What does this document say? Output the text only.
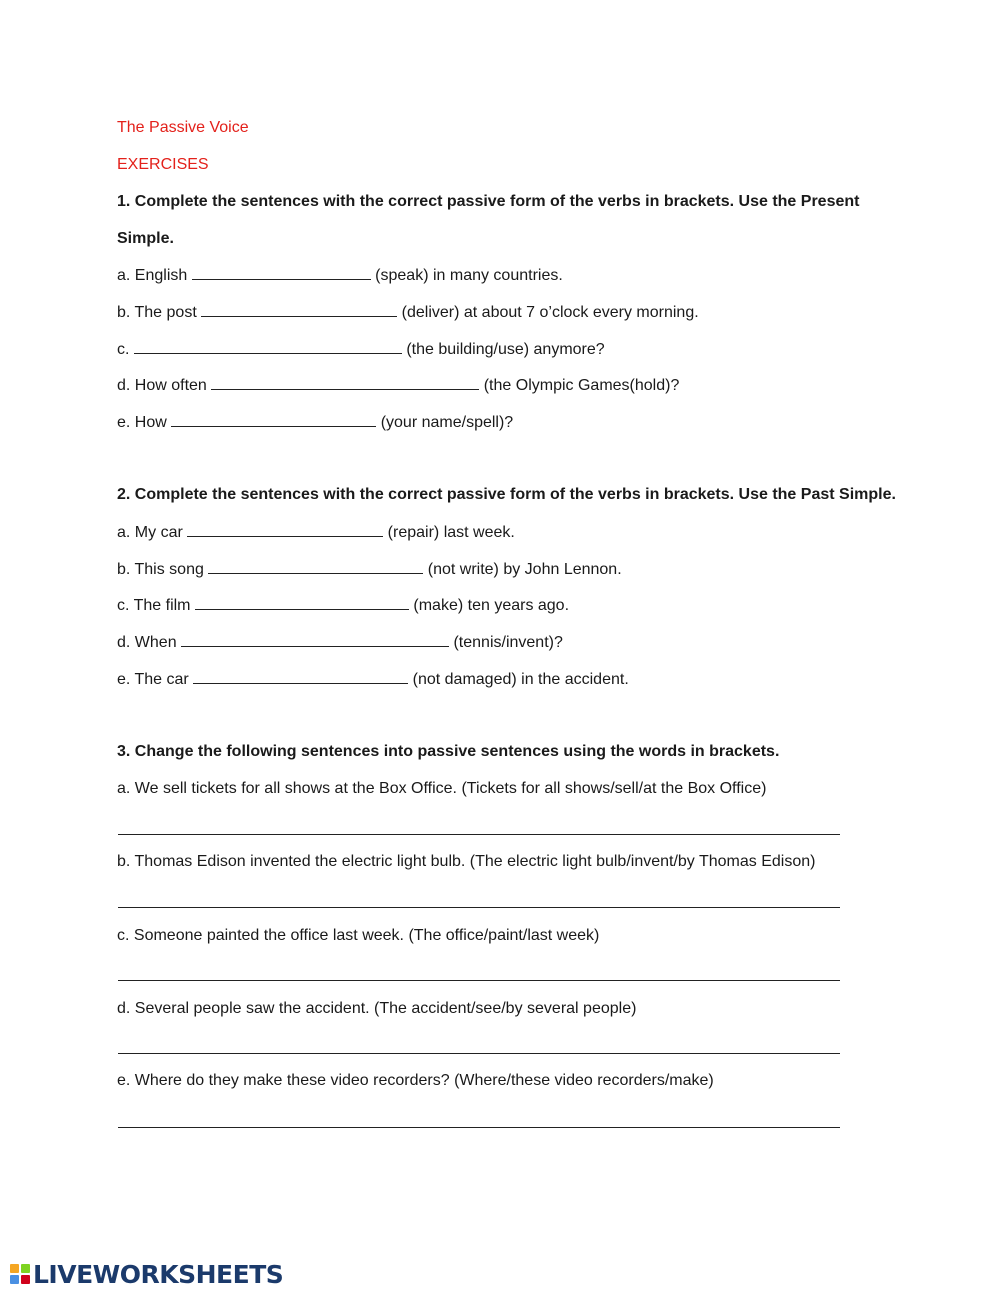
The Passive Voice
EXERCISES
1. Complete the sentences with the correct passive form of the verbs in brackets. Use the Present
Simple.
a. English	(speak) in many countries.
b. The post	(deliver) at about 7 o’clock every morning.
c.	(the building/use) anymore?
d. How often	(the Olympic Games(hold)?
e. How	(your name/spell)?
2. Complete the sentences with the correct passive form of the verbs in brackets. Use the Past Simple.
a. My car	(repair) last week.
b. This song	(not write) by John Lennon.
c. The film	(make) ten years ago.
d. When	(tennis/invent)?
e. The car	(not damaged) in the accident.
3. Change the following sentences into passive sentences using the words in brackets.
a. We sell tickets for all shows at the Box Office. (Tickets for all shows/sell/at the Box Office)
b. Thomas Edison invented the electric light bulb. (The electric light bulb/invent/by Thomas Edison)
c. Someone painted the office last week. (The office/paint/last week)
d. Several people saw the accident. (The accident/see/by several people)
e. Where do they make these video recorders? (Where/these video recorders/make)
LIVEWORKSHEETS
